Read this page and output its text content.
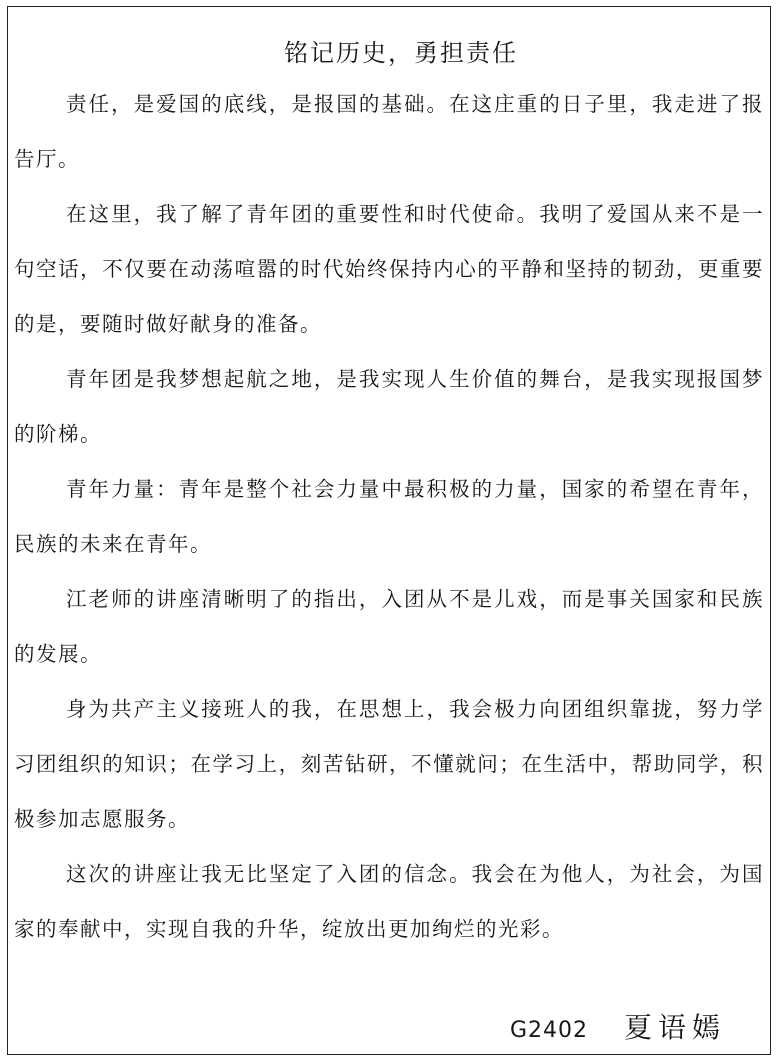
铭记历史，勇担责任

责任，是爱国的底线，是报国的基础。在这庄重的日子里，我走进了报告厅。

在这里，我了解了青年团的重要性和时代使命。我明了爱国从来不是一句空话，不仅要在动荡喧嚣的时代始终保持内心的平静和坚持的韧劲，更重要的是，要随时做好献身的准备。

青年团是我梦想起航之地，是我实现人生价值的舞台，是我实现报国梦的阶梯。

青年力量：青年是整个社会力量中最积极的力量，国家的希望在青年，民族的未来在青年。

江老师的讲座清晰明了的指出，入团从不是儿戏，而是事关国家和民族的发展。

身为共产主义接班人的我，在思想上，我会极力向团组织靠拢，努力学习团组织的知识；在学习上，刻苦钻研，不懂就问；在生活中，帮助同学，积极参加志愿服务。

这次的讲座让我无比坚定了入团的信念。我会在为他人，为社会，为国家的奉献中，实现自我的升华，绽放出更加绚烂的光彩。

G2402 夏语嫣
